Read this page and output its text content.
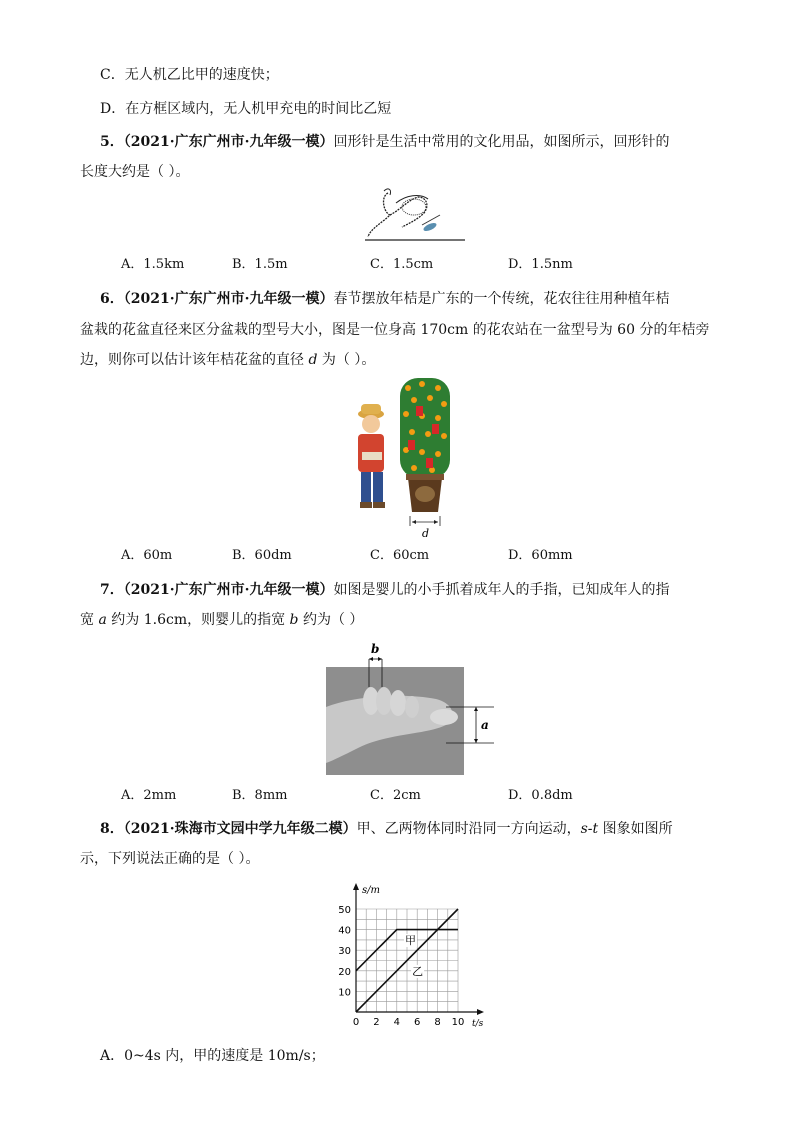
C．无人机乙比甲的速度快；
D．在方框区域内，无人机甲充电的时间比乙短
5．（2021·广东广州市·九年级一模）回形针是生活中常用的文化用品，如图所示，回形针的
长度大约是（ ）。
A．1.5km	B．1.5m	C．1.5cm	D．1.5nm
6．（2021·广东广州市·九年级一模）春节摆放年桔是广东的一个传统，花农往往用种植年桔
盆栽的花盆直径来区分盆栽的型号大小，图是一位身高 170cm 的花农站在一盆型号为 60 分的年桔旁
边，则你可以估计该年桔花盆的直径 d 为（ ）。
d
A．60m	B．60dm	C．60cm	D．60mm
7．（2021·广东广州市·九年级一模）如图是婴儿的小手抓着成年人的手指，已知成年人的指
宽 a 约为 1.6cm，则婴儿的指宽 b 约为（ ）
b
a
A．2mm	B．8mm	C．2cm	D．0.8dm
8．（2021·珠海市文园中学九年级二模）甲、乙两物体同时沿同一方向运动，s-t 图象如图所
示，下列说法正确的是（ ）。
0 2 4 6 8 10
10
20
30
40
50
s/m
t/s
甲
乙
A．0~4s 内，甲的速度是 10m/s；
